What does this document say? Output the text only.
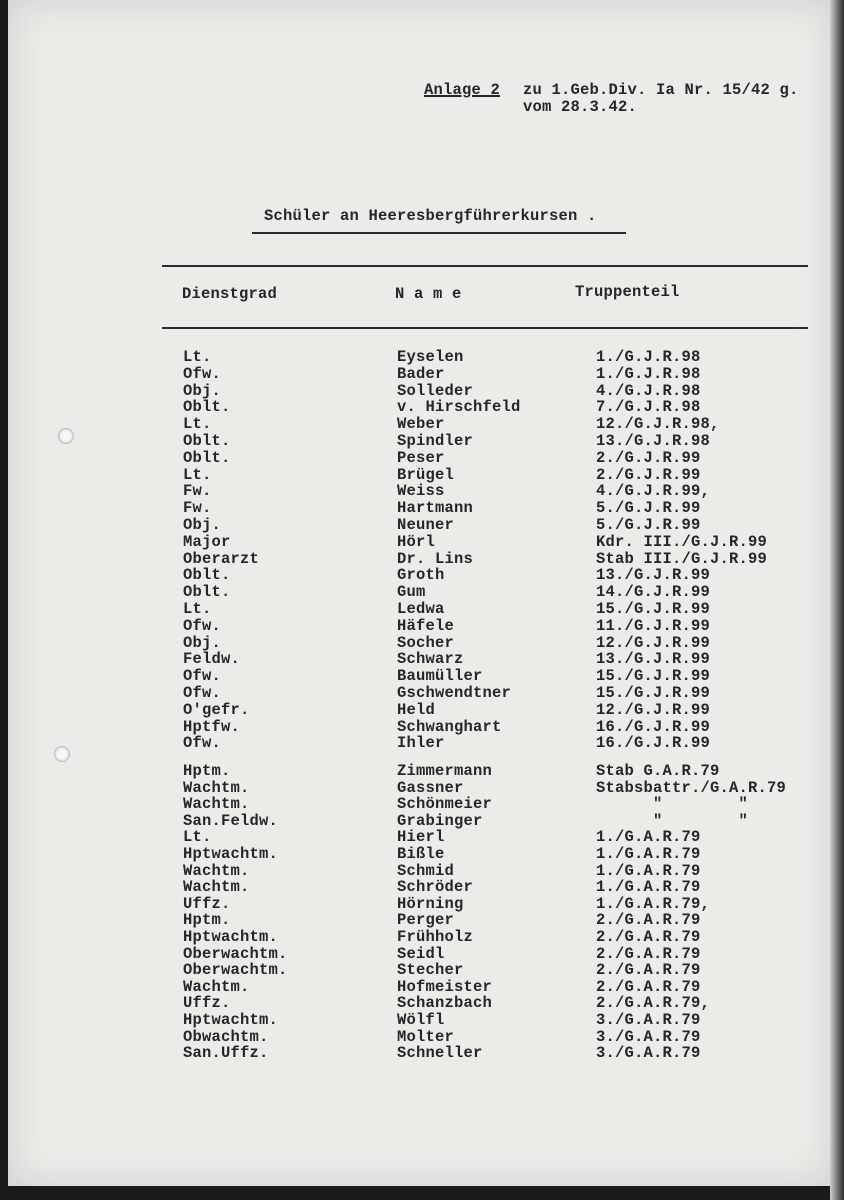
Anlage 2 zu 1.Geb.Div. Ia Nr. 15/42 g.
vom 28.3.42.
Schüler an Heeresbergführerkursen .
Dienstgrad	N a m e	Truppenteil
Lt.	Eyselen	1./G.J.R.98
Ofw.	Bader	1./G.J.R.98
Obj.	Solleder	4./G.J.R.98
Oblt.	v. Hirschfeld	7./G.J.R.98
Lt.	Weber	12./G.J.R.98,
Oblt.	Spindler	13./G.J.R.98
Oblt.	Peser	2./G.J.R.99
Lt.	Brügel	2./G.J.R.99
Fw.	Weiss	4./G.J.R.99,
Fw.	Hartmann	5./G.J.R.99
Obj.	Neuner	5./G.J.R.99
Major	Hörl	Kdr. III./G.J.R.99
Oberarzt	Dr. Lins	Stab III./G.J.R.99
Oblt.	Groth	13./G.J.R.99
Oblt.	Gum	14./G.J.R.99
Lt.	Ledwa	15./G.J.R.99
Ofw.	Häfele	11./G.J.R.99
Obj.	Socher	12./G.J.R.99
Feldw.	Schwarz	13./G.J.R.99
Ofw.	Baumüller	15./G.J.R.99
Ofw.	Gschwendtner	15./G.J.R.99
O'gefr.	Held	12./G.J.R.99
Hptfw.	Schwanghart	16./G.J.R.99
Ofw.	Ihler	16./G.J.R.99
Hptm.	Zimmermann	Stab G.A.R.79
Wachtm.	Gassner	Stabsbattr./G.A.R.79
Wachtm.	Schönmeier	"        "
San.Feldw.	Grabinger	"        "
Lt.	Hierl	1./G.A.R.79
Hptwachtm.	Bißle	1./G.A.R.79
Wachtm.	Schmid	1./G.A.R.79
Wachtm.	Schröder	1./G.A.R.79
Uffz.	Hörning	1./G.A.R.79,
Hptm.	Perger	2./G.A.R.79
Hptwachtm.	Frühholz	2./G.A.R.79
Oberwachtm.	Seidl	2./G.A.R.79
Oberwachtm.	Stecher	2./G.A.R.79
Wachtm.	Hofmeister	2./G.A.R.79
Uffz.	Schanzbach	2./G.A.R.79,
Hptwachtm.	Wölfl	3./G.A.R.79
Obwachtm.	Molter	3./G.A.R.79
San.Uffz.	Schneller	3./G.A.R.79
